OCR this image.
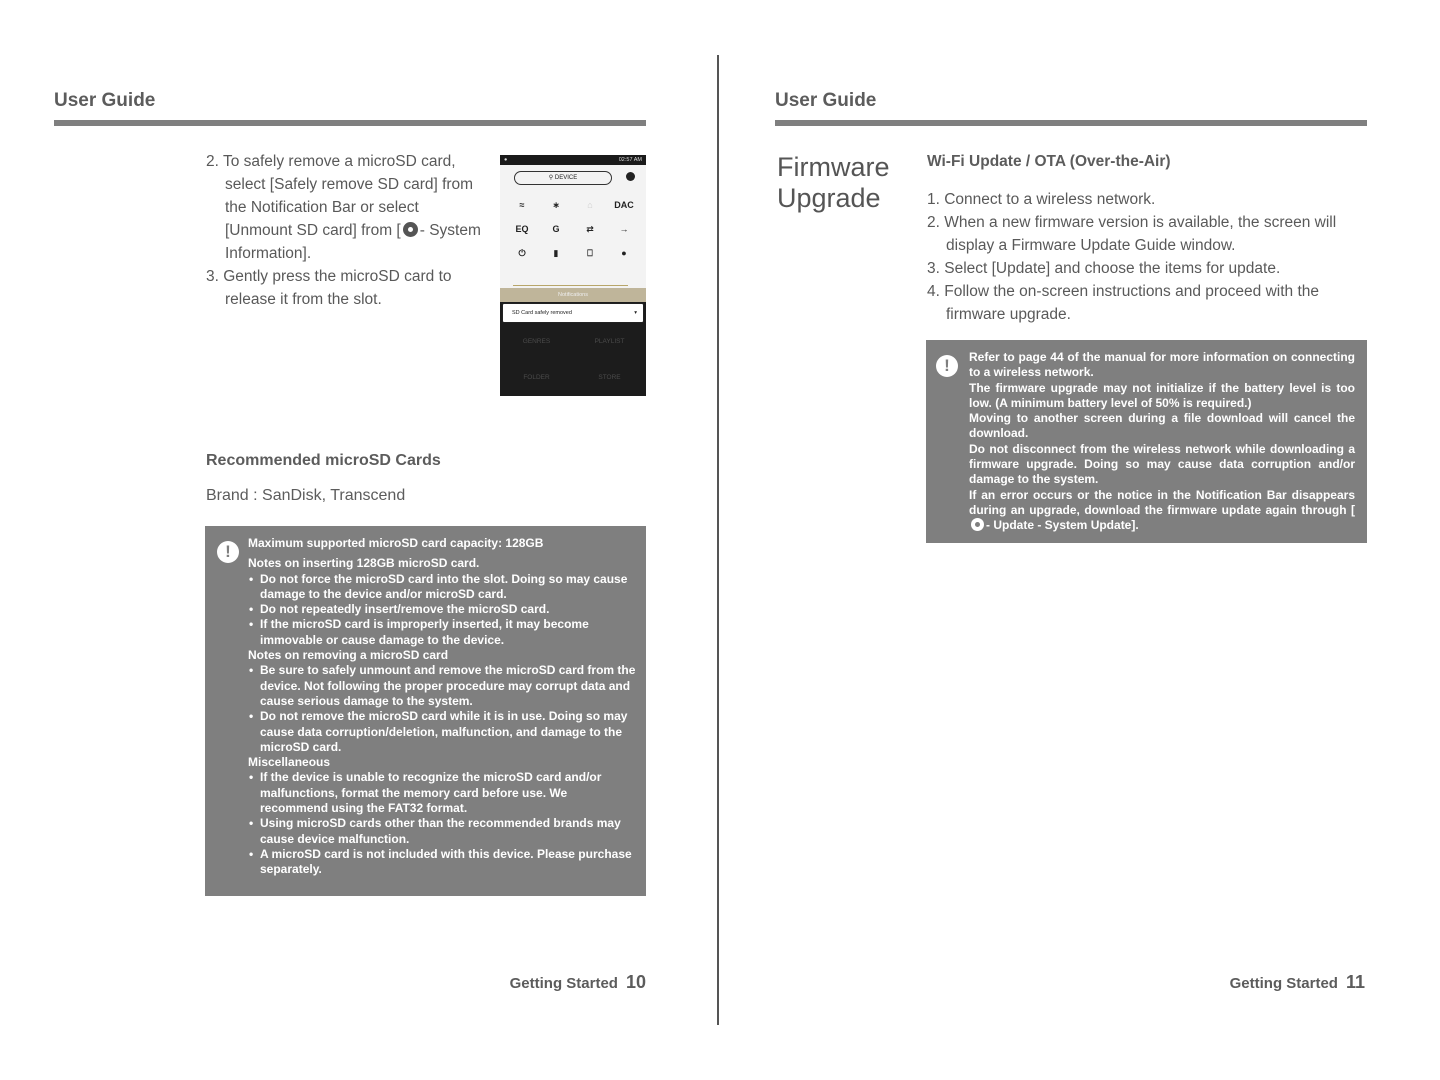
User Guide
2. To safely remove a microSD card, select [Safely remove SD card] from the Notification Bar or select [Unmount SD card] from [ - System Information].
3. Gently press the microSD card to release it from the slot.
●	02:57 AM
⚲ DEVICE
≈	∗	⌂	DAC
EQ	G	⇄	→
⏻	▮	⎕	●
Notifications
SD Card safely removed	▾
GENRES	PLAYLIST
FOLDER	STORE
Recommended microSD Cards
Brand : SanDisk, Transcend
!	Maximum supported microSD card capacity: 128GB

Notes on inserting 128GB microSD card.

• Do not force the microSD card into the slot. Doing so may cause damage to the device and/or microSD card.
• Do not repeatedly insert/remove the microSD card.
• If the microSD card is improperly inserted, it may become immovable or cause damage to the device.

Notes on removing a microSD card

• Be sure to safely unmount and remove the microSD card from the device. Not following the proper procedure may corrupt data and cause serious damage to the system.
• Do not remove the microSD card while it is in use. Doing so may cause data corruption/deletion, malfunction, and damage to the microSD card.

Miscellaneous

• If the device is unable to recognize the microSD card and/or malfunctions, format the memory card before use. We recommend using the FAT32 format.
• Using microSD cards other than the recommended brands may cause device malfunction.
• A microSD card is not included with this device. Please purchase separately.
Getting Started 10
User Guide
Firmware
Upgrade
Wi-Fi Update / OTA (Over-the-Air)
1. Connect to a wireless network.
2. When a new firmware version is available, the screen will display a Firmware Update Guide window.
3. Select [Update] and choose the items for update.
4. Follow the on-screen instructions and proceed with the firmware upgrade.
!	Refer to page 44 of the manual for more information on connecting to a wireless network.

The firmware upgrade may not initialize if the battery level is too low. (A minimum battery level of 50% is required.)

Moving to another screen during a file download will cancel the download.

Do not disconnect from the wireless network while downloading a firmware upgrade. Doing so may cause data corruption and/or damage to the system.

If an error occurs or the notice in the Notification Bar disappears during an upgrade, download the firmware update again through [- Update - System Update].

Getting Started 11
